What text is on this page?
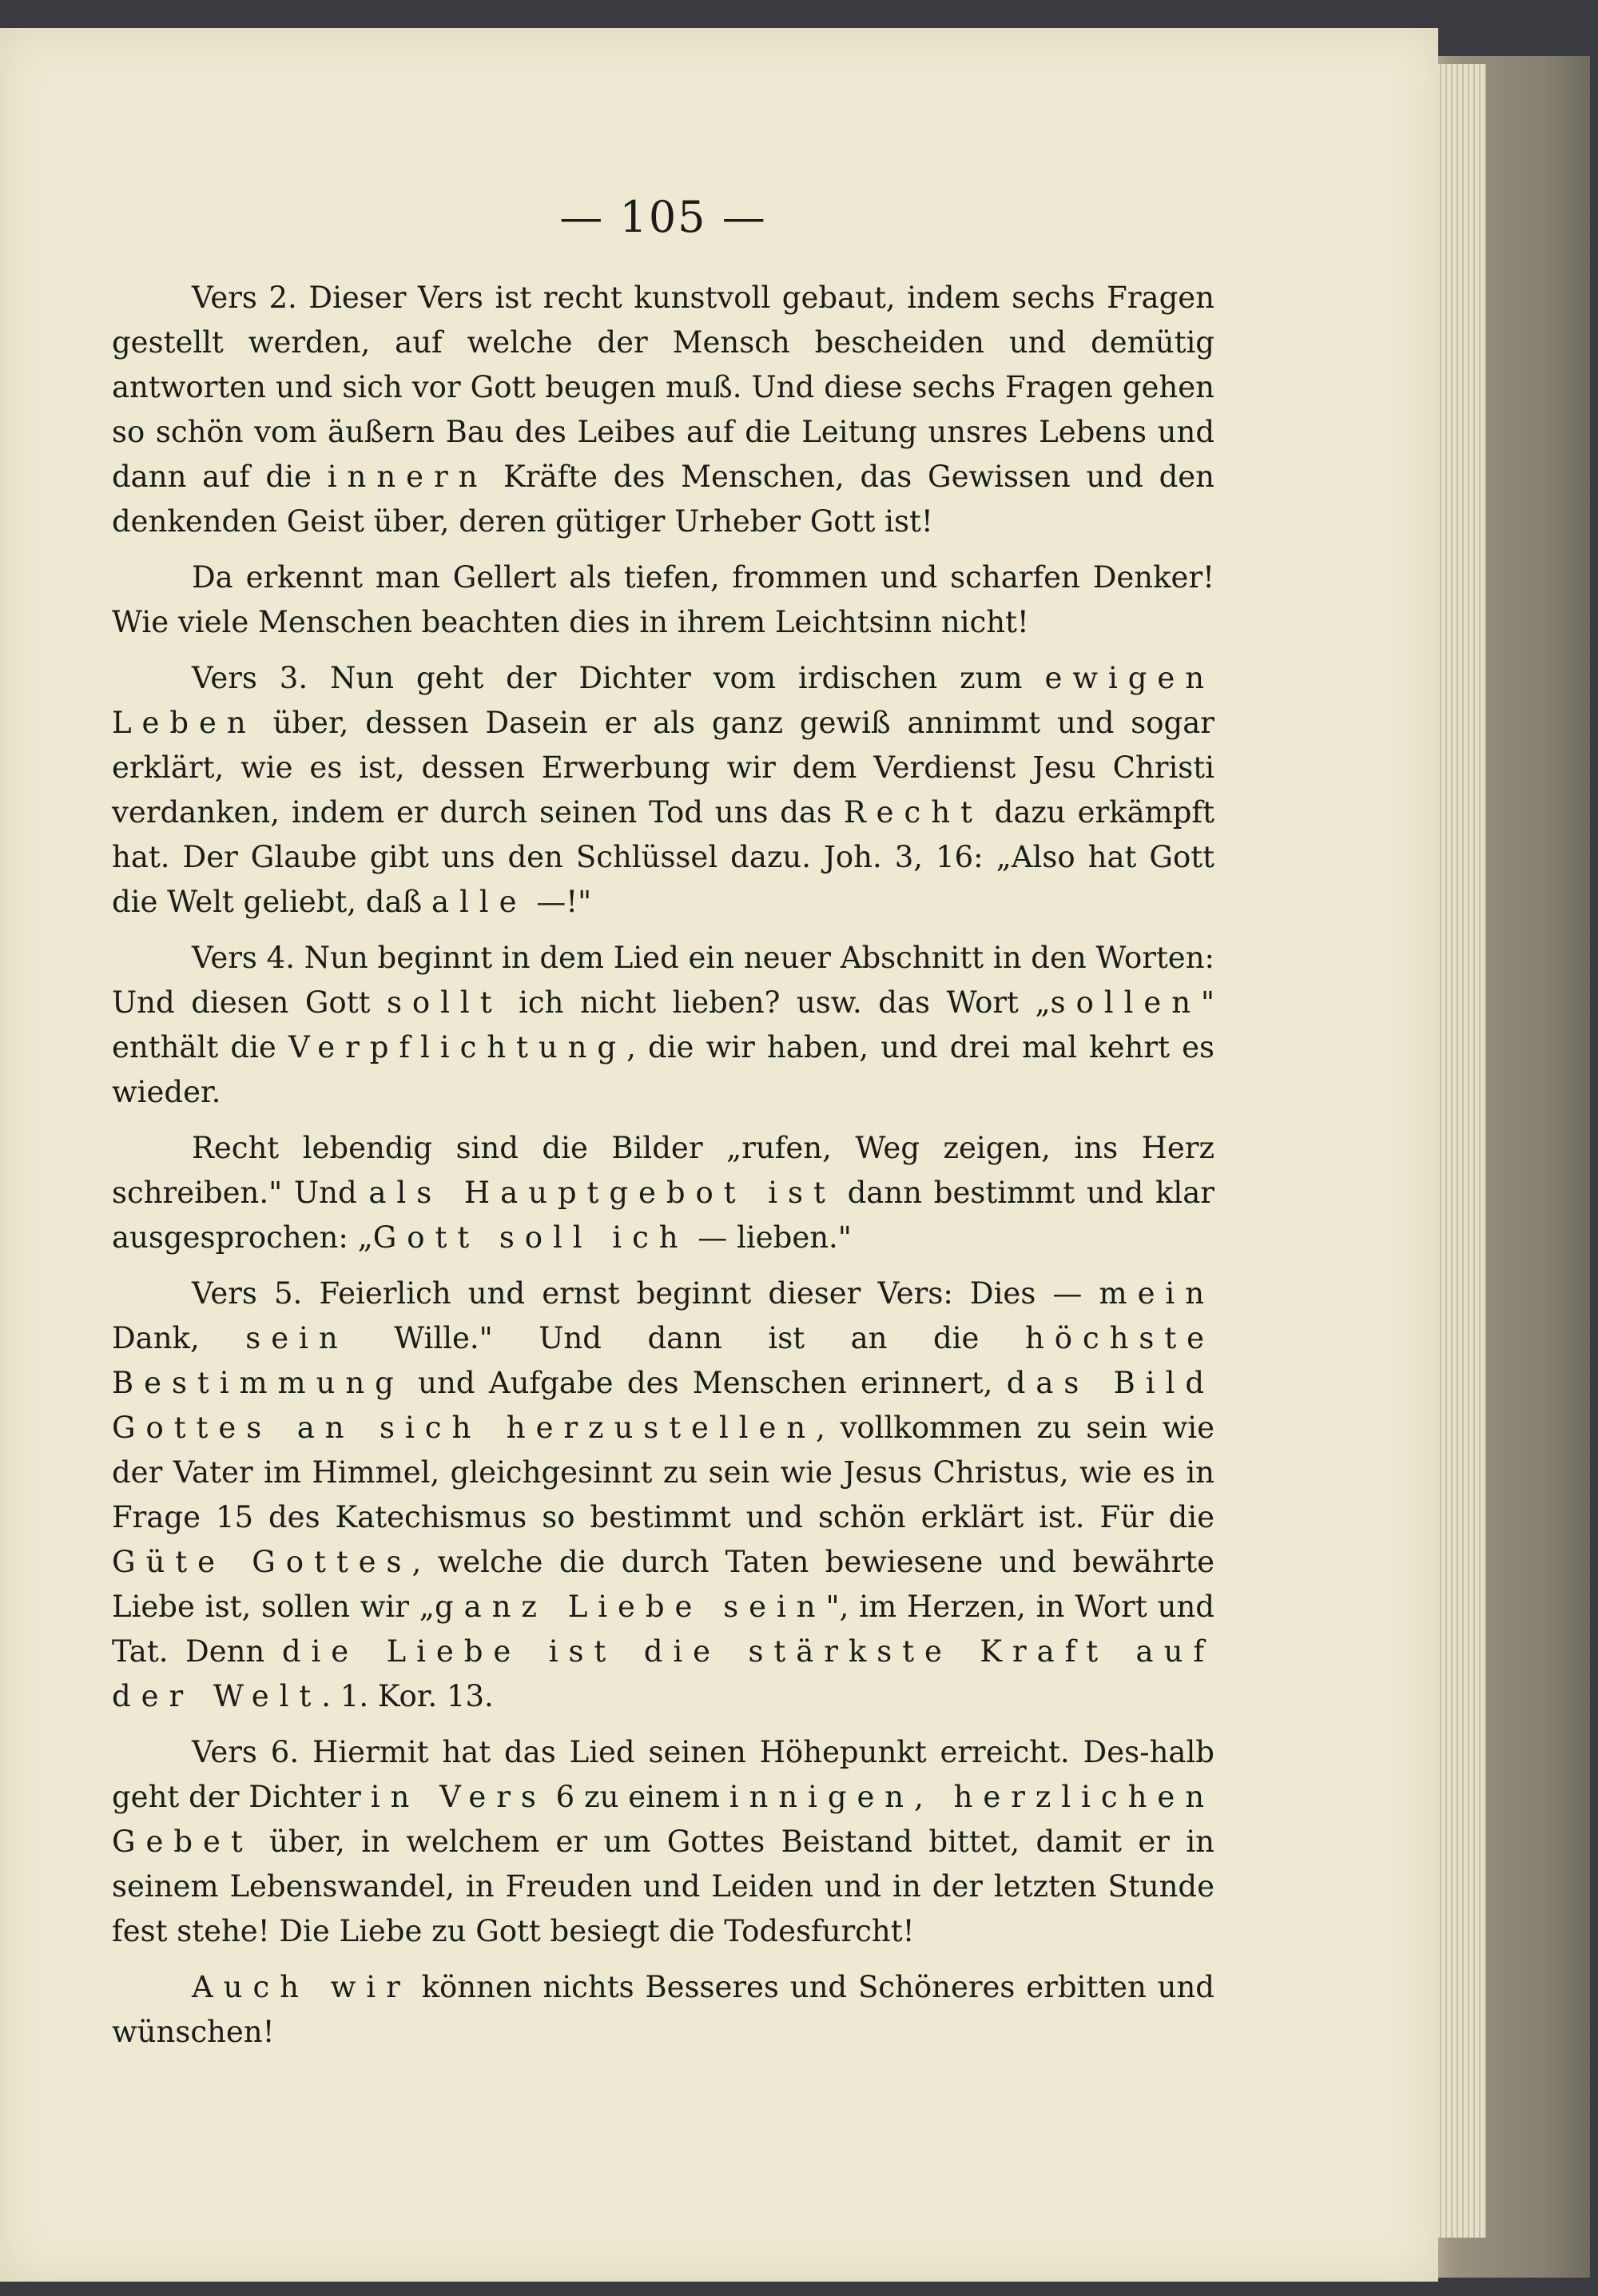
— 105 —

Vers 2. Dieser Vers ist recht kunstvoll gebaut, indem sechs Fragen gestellt werden, auf welche der Mensch bescheiden und demütig antworten und sich vor Gott beugen muß. Und diese sechs Fragen gehen so schön vom äußern Bau des Leibes auf die Leitung unsres Lebens und dann auf die innern Kräfte des Menschen, das Gewissen und den denkenden Geist über, deren gütiger Urheber Gott ist!

Da erkennt man Gellert als tiefen, frommen und scharfen Denker! Wie viele Menschen beachten dies in ihrem Leichtsinn nicht!

Vers 3. Nun geht der Dichter vom irdischen zum ewigen Leben über, dessen Dasein er als ganz gewiß annimmt und sogar erklärt, wie es ist, dessen Erwerbung wir dem Verdienst Jesu Christi verdanken, indem er durch seinen Tod uns das Recht dazu erkämpft hat. Der Glaube gibt uns den Schlüssel dazu. Joh. 3, 16: „Also hat Gott die Welt geliebt, daß alle —!"

Vers 4. Nun beginnt in dem Lied ein neuer Abschnitt in den Worten: Und diesen Gott sollt ich nicht lieben? usw. das Wort „sollen" enthält die Verpflichtung, die wir haben, und drei mal kehrt es wieder.

Recht lebendig sind die Bilder „rufen, Weg zeigen, ins Herz schreiben." Und als Hauptgebot ist dann bestimmt und klar ausgesprochen: „Gott soll ich — lieben."

Vers 5. Feierlich und ernst beginnt dieser Vers: Dies — mein Dank, sein Wille." Und dann ist an die höchste Bestimmung und Aufgabe des Menschen erinnert, das Bild Gottes an sich herzustellen, vollkommen zu sein wie der Vater im Himmel, gleichgesinnt zu sein wie Jesus Christus, wie es in Frage 15 des Katechismus so bestimmt und schön erklärt ist. Für die Güte Gottes, welche die durch Taten bewiesene und bewährte Liebe ist, sollen wir „ganz Liebe sein", im Herzen, in Wort und Tat. Denn die Liebe ist die stärkste Kraft auf der Welt. 1. Kor. 13.

Vers 6. Hiermit hat das Lied seinen Höhepunkt erreicht. Des-halb geht der Dichter in Vers 6 zu einem innigen, herzlichen Gebet über, in welchem er um Gottes Beistand bittet, damit er in seinem Lebenswandel, in Freuden und Leiden und in der letzten Stunde fest stehe! Die Liebe zu Gott besiegt die Todesfurcht!

Auch wir können nichts Besseres und Schöneres erbitten und wünschen!
